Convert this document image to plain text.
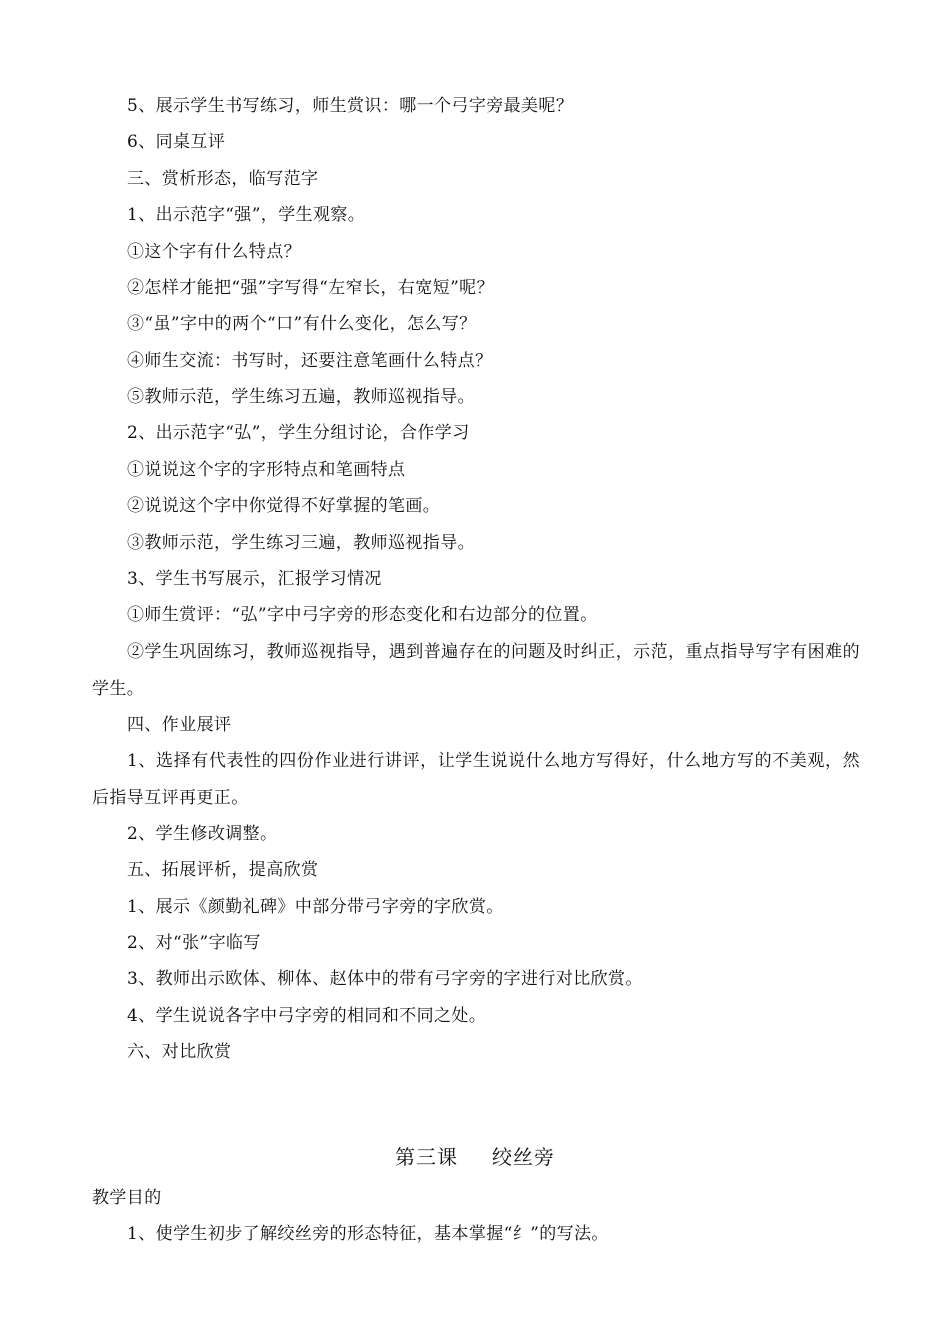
5、展示学生书写练习，师生赏识：哪一个弓字旁最美呢？

6、同桌互评

三、赏析形态，临写范字

1、出示范字“强”，学生观察。

①这个字有什么特点？

②怎样才能把“强”字写得“左窄长，右宽短”呢？

③“虽”字中的两个“口”有什么变化，怎么写？

④师生交流：书写时，还要注意笔画什么特点？

⑤教师示范，学生练习五遍，教师巡视指导。

2、出示范字“弘”，学生分组讨论，合作学习

①说说这个字的字形特点和笔画特点

②说说这个字中你觉得不好掌握的笔画。

③教师示范，学生练习三遍，教师巡视指导。

3、学生书写展示，汇报学习情况

①师生赏评：“弘”字中弓字旁的形态变化和右边部分的位置。

②学生巩固练习，教师巡视指导，遇到普遍存在的问题及时纠正，示范，重点指导写字有困难的学生。

四、作业展评

1、选择有代表性的四份作业进行讲评，让学生说说什么地方写得好，什么地方写的不美观，然后指导互评再更正。

2、学生修改调整。

五、拓展评析，提高欣赏

1、展示《颜勤礼碑》中部分带弓字旁的字欣赏。

2、对“张”字临写

3、教师出示欧体、柳体、赵体中的带有弓字旁的字进行对比欣赏。

4、学生说说各字中弓字旁的相同和不同之处。

六、对比欣赏

第三课 绞丝旁

教学目的

1、使学生初步了解绞丝旁的形态特征，基本掌握“纟”的写法。
